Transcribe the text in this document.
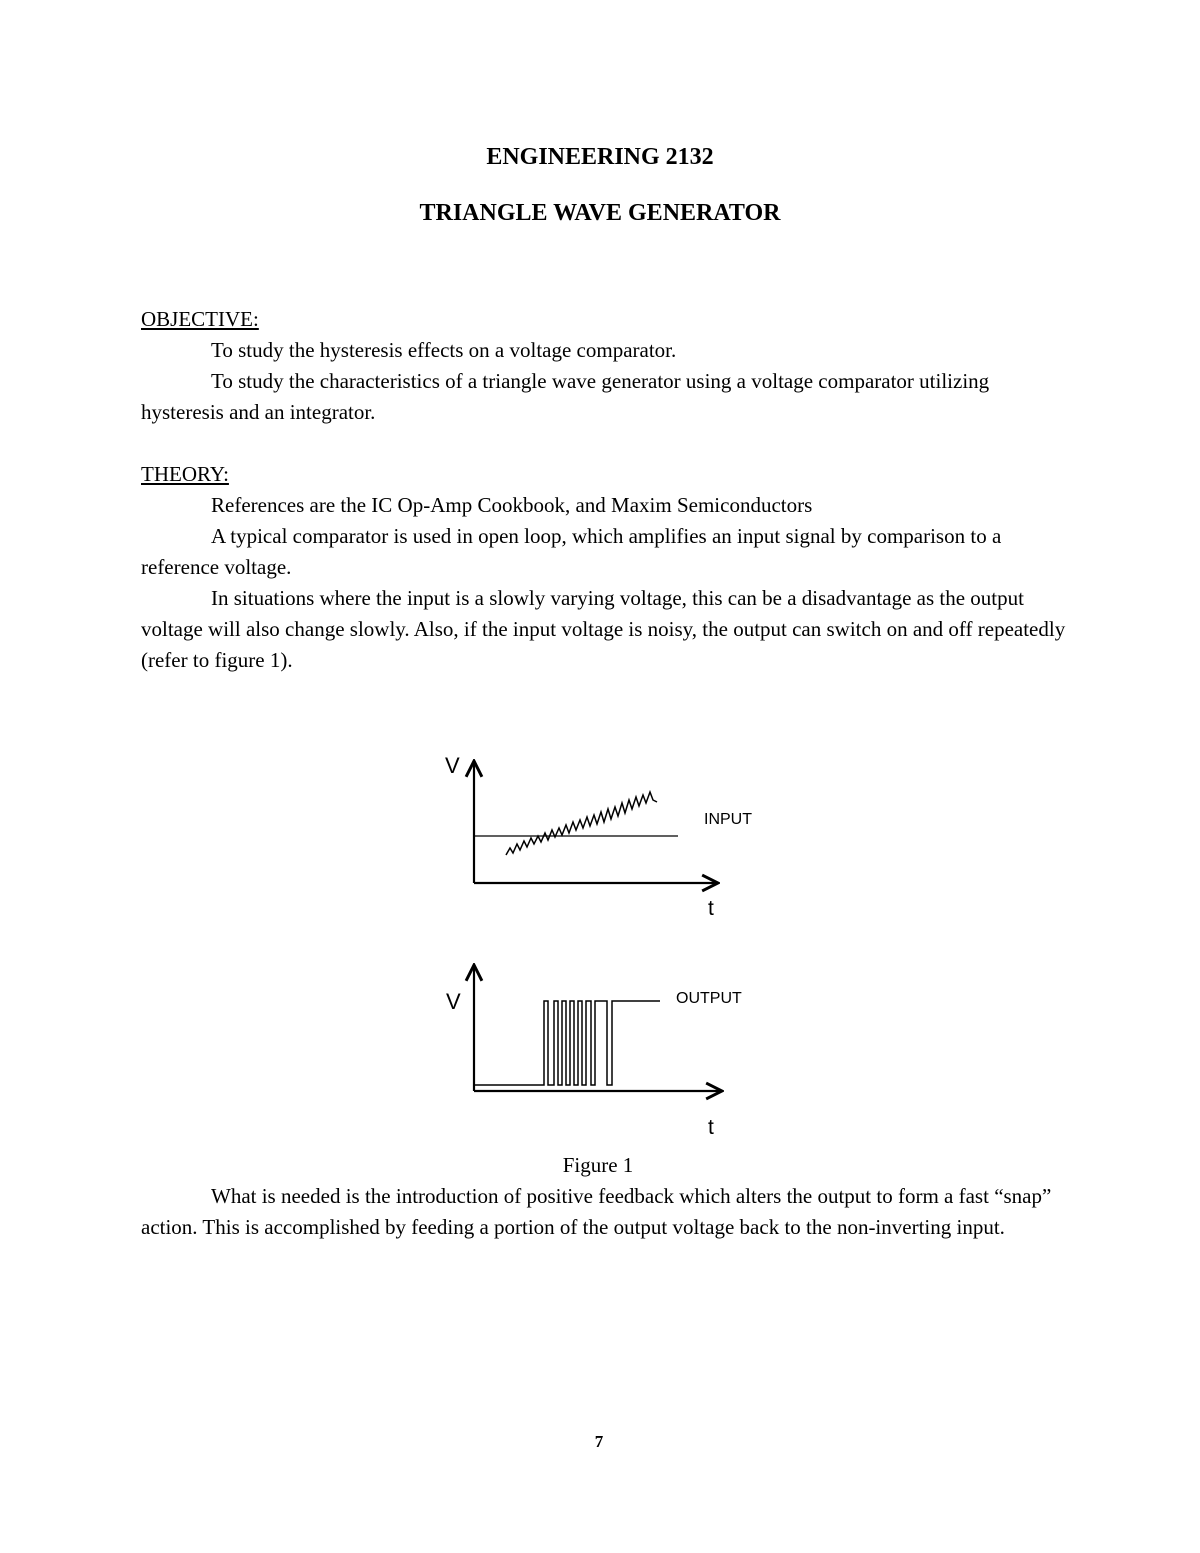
ENGINEERING 2132
TRIANGLE WAVE GENERATOR

OBJECTIVE:

To study the hysteresis effects on a voltage comparator.

To study the characteristics of a triangle wave generator using a voltage comparator utilizing hysteresis and an integrator.

THEORY:

References are the IC Op-Amp Cookbook, and Maxim Semiconductors

A typical comparator is used in open loop, which amplifies an input signal by comparison to a reference voltage.

In situations where the input is a slowly varying voltage, this can be a disadvantage as the output voltage will also change slowly. Also, if the input voltage is noisy, the output can switch on and off repeatedly (refer to figure 1).

V
t
INPUT
V
t
OUTPUT
Figure 1

What is needed is the introduction of positive feedback which alters the output to form a fast “snap” action. This is accomplished by feeding a portion of the output voltage back to the non-inverting input.

7
